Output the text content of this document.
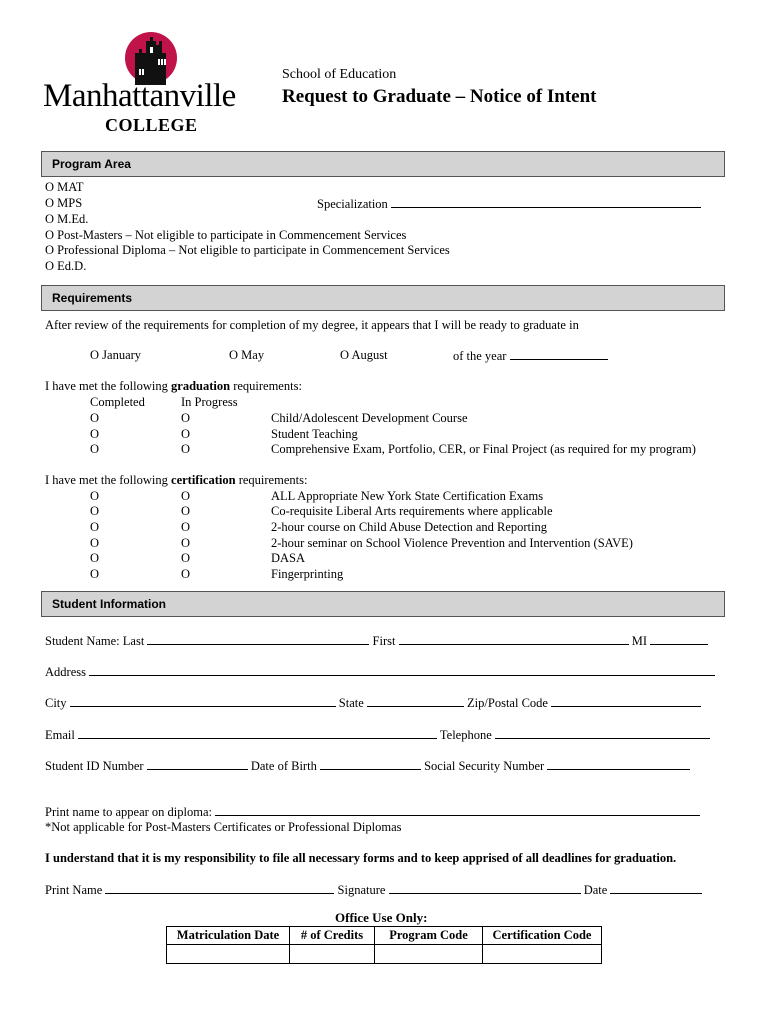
Manhattanville
COLLEGE
School of Education
Request to Graduate – Notice of Intent
Program Area
O MAT
O MPS
O M.Ed.
O Post-Masters – Not eligible to participate in Commencement Services
O Professional Diploma – Not eligible to participate in Commencement Services
O Ed.D.
Specialization
Requirements
After review of the requirements for completion of my degree, it appears that I will be ready to graduate in
O January	O May	O August	of the year
I have met the following graduation requirements:
Completed	In Progress
O	O	Child/Adolescent Development Course
O	O	Student Teaching
O	O	Comprehensive Exam, Portfolio, CER, or Final Project (as required for my program)
I have met the following certification requirements:
O	O	ALL Appropriate New York State Certification Exams
O	O	Co-requisite Liberal Arts requirements where applicable
O	O	2-hour course on Child Abuse Detection and Reporting
O	O	2-hour seminar on School Violence Prevention and Intervention (SAVE)
O	O	DASA
O	O	Fingerprinting
Student Information
Student Name: Last	First	MI
Address
City	State	Zip/Postal Code
Email	Telephone
Student ID Number	Date of Birth	Social Security Number
Print name to appear on diploma:
*Not applicable for Post-Masters Certificates or Professional Diplomas
I understand that it is my responsibility to file all necessary forms and to keep apprised of all deadlines for graduation.
Print Name	Signature	Date
Office Use Only:
Matriculation Date	# of Credits	Program Code	Certification Code
